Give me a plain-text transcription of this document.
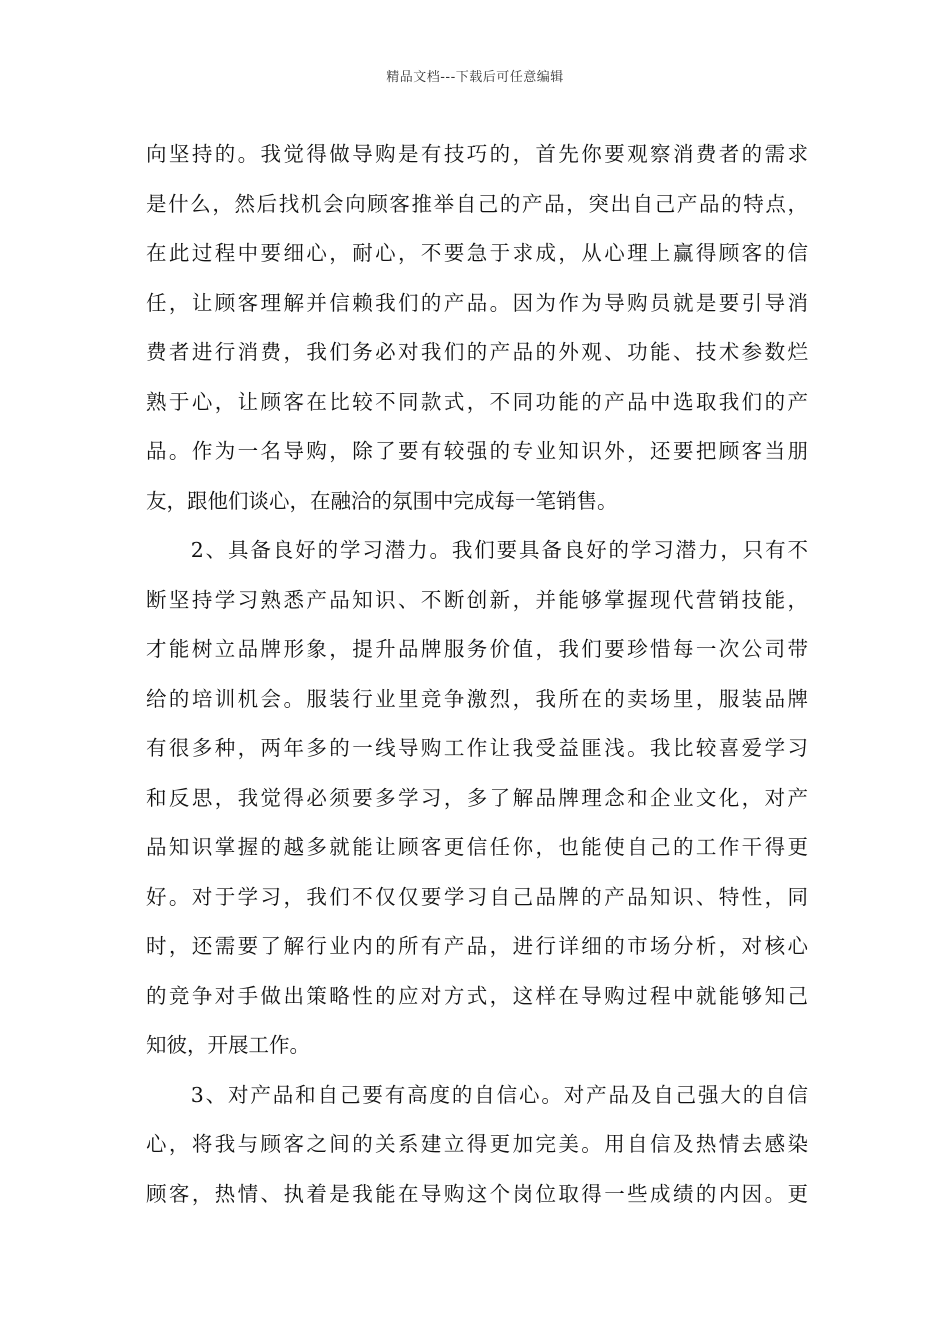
精品文档---下载后可任意编辑
向坚持的。我觉得做导购是有技巧的，首先你要观察消费者的需求
是什么，然后找机会向顾客推举自己的产品，突出自己产品的特点，
在此过程中要细心，耐心，不要急于求成，从心理上赢得顾客的信
任，让顾客理解并信赖我们的产品。因为作为导购员就是要引导消
费者进行消费，我们务必对我们的产品的外观、功能、技术参数烂
熟于心，让顾客在比较不同款式，不同功能的产品中选取我们的产
品。作为一名导购，除了要有较强的专业知识外，还要把顾客当朋
友，跟他们谈心，在融洽的氛围中完成每一笔销售。
　　2、具备良好的学习潜力。我们要具备良好的学习潜力，只有不
断坚持学习熟悉产品知识、不断创新，并能够掌握现代营销技能，
才能树立品牌形象，提升品牌服务价值，我们要珍惜每一次公司带
给的培训机会。服装行业里竞争激烈，我所在的卖场里，服装品牌
有很多种，两年多的一线导购工作让我受益匪浅。我比较喜爱学习
和反思，我觉得必须要多学习，多了解品牌理念和企业文化，对产
品知识掌握的越多就能让顾客更信任你，也能使自己的工作干得更
好。对于学习，我们不仅仅要学习自己品牌的产品知识、特性，同
时，还需要了解行业内的所有产品，进行详细的市场分析，对核心
的竞争对手做出策略性的应对方式，这样在导购过程中就能够知己
知彼，开展工作。
　　3、对产品和自己要有高度的自信心。对产品及自己强大的自信
心，将我与顾客之间的关系建立得更加完美。用自信及热情去感染
顾客，热情、执着是我能在导购这个岗位取得一些成绩的内因。更
